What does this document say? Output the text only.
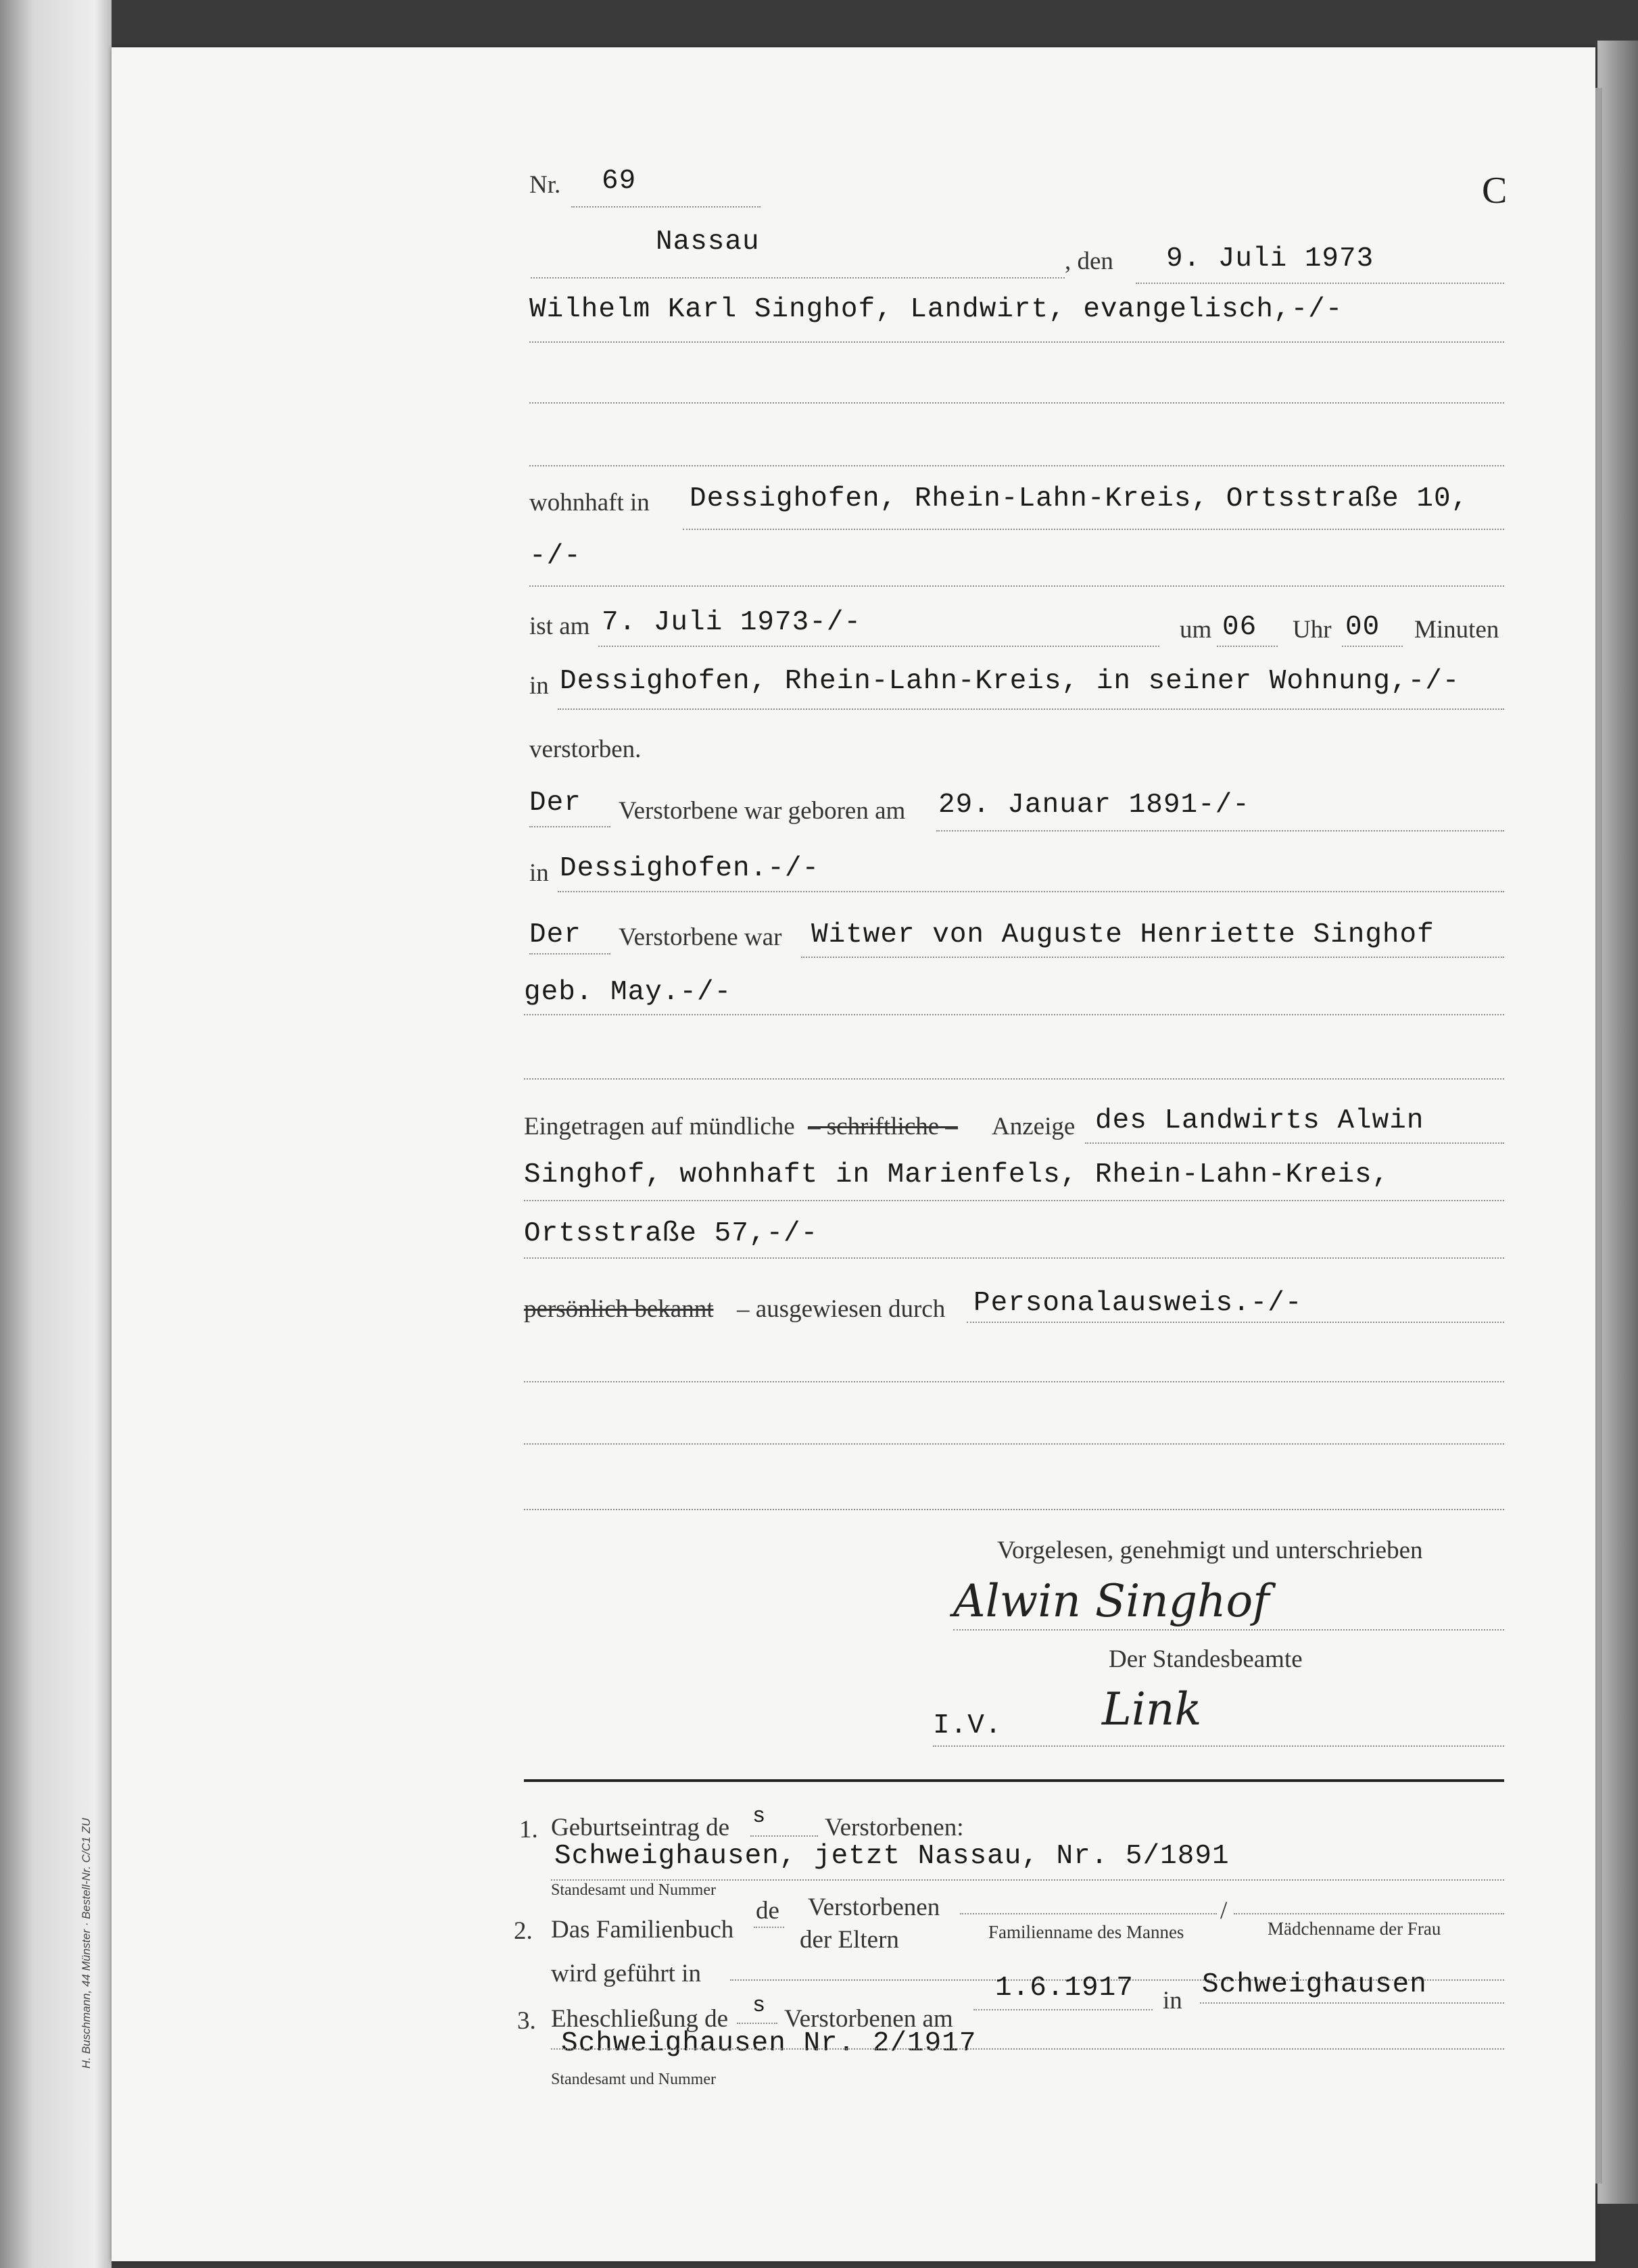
H. Buschmann, 44 Münster · Bestell-Nr. C/C1 ZU
Nr. 69	C
Nassau
, den 9. Juli 1973
Wilhelm Karl Singhof, Landwirt, evangelisch,-/-
wohnhaft in Dessighofen, Rhein-Lahn-Kreis, Ortsstraße 10,
-/-
ist am 7. Juli 1973-/-	um 06 Uhr 00 Minuten
in Dessighofen, Rhein-Lahn-Kreis, in seiner Wohnung,-/-
verstorben.
Der Verstorbene war geboren am 29. Januar 1891-/-
in Dessighofen.-/-
Der Verstorbene war Witwer von Auguste Henriette Singhof
geb. May.-/-
Eingetragen auf mündliche – schriftliche – Anzeige des Landwirts Alwin
Singhof, wohnhaft in Marienfels, Rhein-Lahn-Kreis,
Ortsstraße 57,-/-
persönlich bekannt – ausgewiesen durch Personalausweis.-/-
Vorgelesen, genehmigt und unterschrieben
Alwin Singhof
Der Standesbeamte
I.V. Link
1. Geburtseintrag de s Verstorbenen:
Schweighausen, jetzt Nassau, Nr. 5/1891
Standesamt und Nummer
2. Das Familienbuch
de Verstorbenen
der Eltern	Familienname des Mannes
/
Mädchenname der Frau
wird geführt in
3. Eheschließung de s Verstorbenen am
1.6.1917 in
Schweighausen
Schweighausen Nr. 2/1917
Standesamt und Nummer
